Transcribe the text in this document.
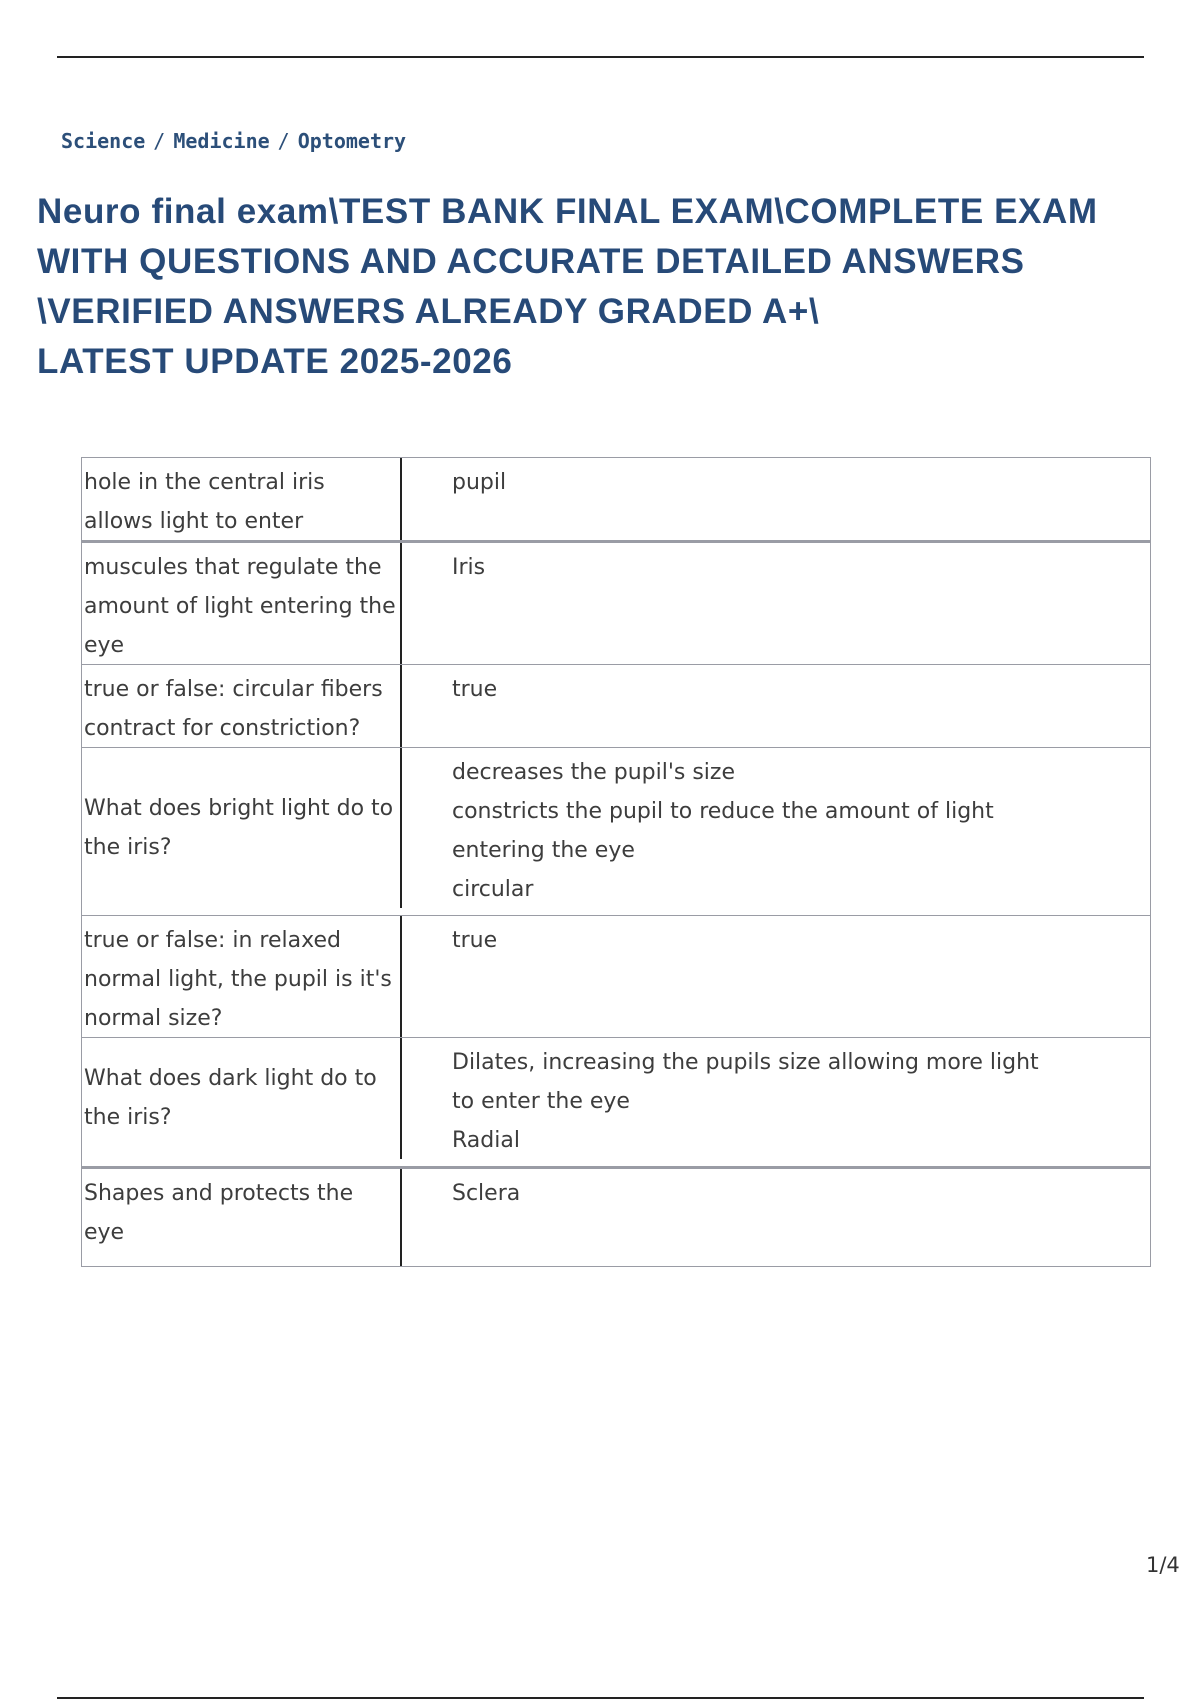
Science / Medicine / Optometry
Neuro final exam\TEST BANK FINAL EXAM\COMPLETE EXAM
WITH QUESTIONS AND ACCURATE DETAILED ANSWERS
\VERIFIED ANSWERS ALREADY GRADED A+\
LATEST UPDATE 2025-2026
hole in the central iris allows light to enter	pupil

muscules that regulate the amount of light entering the eye	Iris

true or false: circular fibers contract for constriction?	true

What does bright light do to the iris?	decreases the pupil's size
constricts the pupil to reduce the amount of light
entering the eye
circular

true or false: in relaxed normal light, the pupil is it's normal size?	true

What does dark light do to the iris?	Dilates, increasing the pupils size allowing more light
to enter the eye
Radial

Shapes and protects the eye	Sclera
1/4
